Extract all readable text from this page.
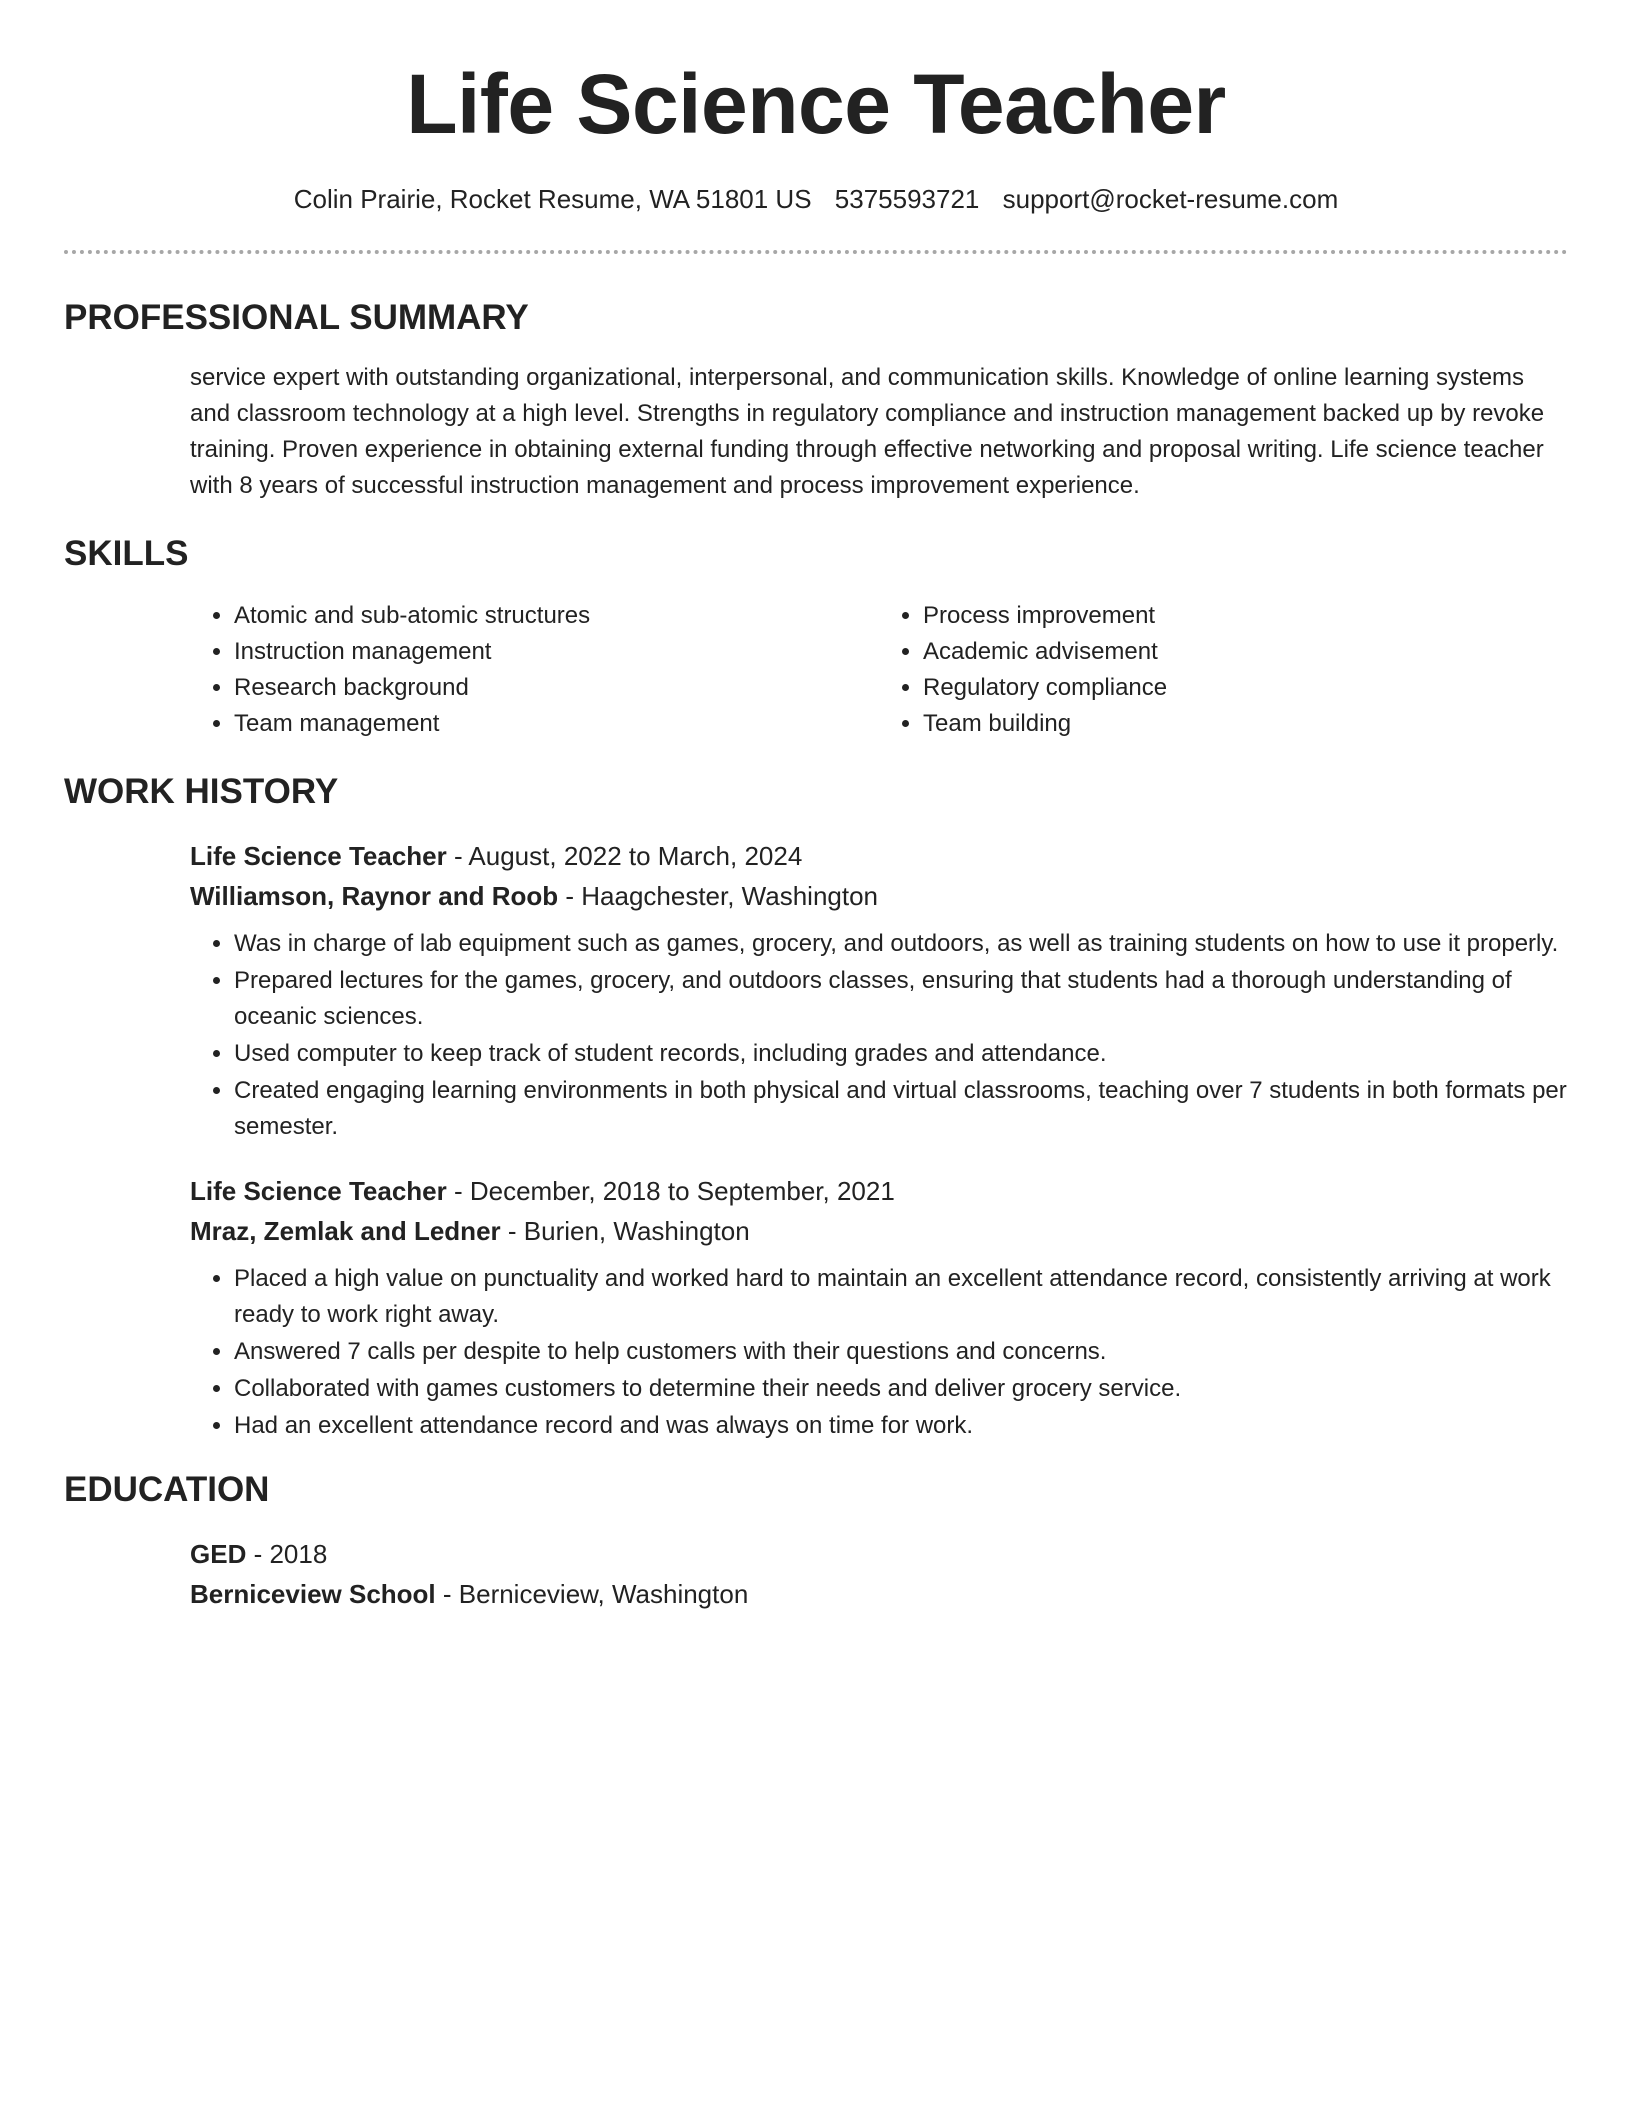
Life Science Teacher
Colin Prairie, Rocket Resume, WA 51801 US 5375593721 support@rocket-resume.com
PROFESSIONAL SUMMARY

service expert with outstanding organizational, interpersonal, and communication skills. Knowledge of online learning systems and classroom technology at a high level. Strengths in regulatory compliance and instruction management backed up by revoke training. Proven experience in obtaining external funding through effective networking and proposal writing. Life science teacher with 8 years of successful instruction management and process improvement experience.

SKILLS
• Atomic and sub-atomic structures
• Instruction management
• Research background
• Team management
• Process improvement
• Academic advisement
• Regulatory compliance
• Team building
WORK HISTORY

Life Science Teacher - August, 2022 to March, 2024

Williamson, Raynor and Roob - Haagchester, Washington

• Was in charge of lab equipment such as games, grocery, and outdoors, as well as training students on how to use it properly.
• Prepared lectures for the games, grocery, and outdoors classes, ensuring that students had a thorough understanding of oceanic sciences.
• Used computer to keep track of student records, including grades and attendance.
• Created engaging learning environments in both physical and virtual classrooms, teaching over 7 students in both formats per semester.

Life Science Teacher - December, 2018 to September, 2021

Mraz, Zemlak and Ledner - Burien, Washington

• Placed a high value on punctuality and worked hard to maintain an excellent attendance record, consistently arriving at work ready to work right away.
• Answered 7 calls per despite to help customers with their questions and concerns.
• Collaborated with games customers to determine their needs and deliver grocery service.
• Had an excellent attendance record and was always on time for work.
EDUCATION

GED - 2018

Berniceview School - Berniceview, Washington
